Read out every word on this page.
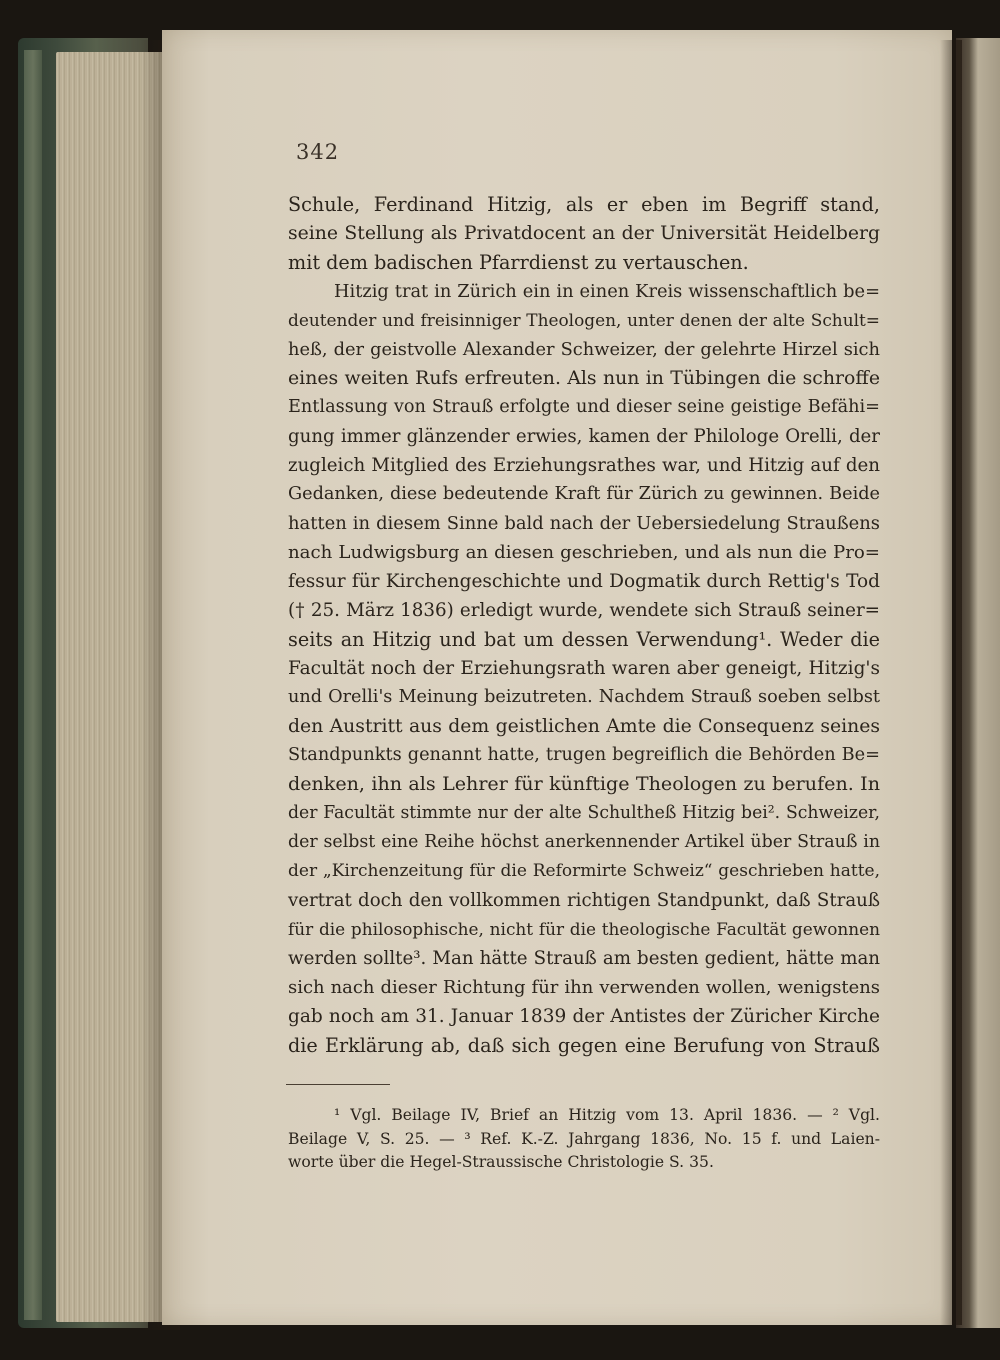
342
Schule, Ferdinand Hitzig, als er eben im Begriff stand,
seine Stellung als Privatdocent an der Universität Heidelberg
mit dem badischen Pfarrdienst zu vertauschen.
Hitzig trat in Zürich ein in einen Kreis wissenschaftlich be=
deutender und freisinniger Theologen, unter denen der alte Schult=
heß, der geistvolle Alexander Schweizer, der gelehrte Hirzel sich
eines weiten Rufs erfreuten. Als nun in Tübingen die schroffe
Entlassung von Strauß erfolgte und dieser seine geistige Befähi=
gung immer glänzender erwies, kamen der Philologe Orelli, der
zugleich Mitglied des Erziehungsrathes war, und Hitzig auf den
Gedanken, diese bedeutende Kraft für Zürich zu gewinnen. Beide
hatten in diesem Sinne bald nach der Uebersiedelung Straußens
nach Ludwigsburg an diesen geschrieben, und als nun die Pro=
fessur für Kirchengeschichte und Dogmatik durch Rettig's Tod
(† 25. März 1836) erledigt wurde, wendete sich Strauß seiner=
seits an Hitzig und bat um dessen Verwendung¹. Weder die
Facultät noch der Erziehungsrath waren aber geneigt, Hitzig's
und Orelli's Meinung beizutreten. Nachdem Strauß soeben selbst
den Austritt aus dem geistlichen Amte die Consequenz seines
Standpunkts genannt hatte, trugen begreiflich die Behörden Be=
denken, ihn als Lehrer für künftige Theologen zu berufen. In
der Facultät stimmte nur der alte Schultheß Hitzig bei². Schweizer,
der selbst eine Reihe höchst anerkennender Artikel über Strauß in
der „Kirchenzeitung für die Reformirte Schweiz“ geschrieben hatte,
vertrat doch den vollkommen richtigen Standpunkt, daß Strauß
für die philosophische, nicht für die theologische Facultät gewonnen
werden sollte³. Man hätte Strauß am besten gedient, hätte man
sich nach dieser Richtung für ihn verwenden wollen, wenigstens
gab noch am 31. Januar 1839 der Antistes der Züricher Kirche
die Erklärung ab, daß sich gegen eine Berufung von Strauß
¹ Vgl. Beilage IV, Brief an Hitzig vom 13. April 1836. — ² Vgl.
Beilage V, S. 25. — ³ Ref. K.-Z. Jahrgang 1836, No. 15 f. und Laien-
worte über die Hegel-Straussische Christologie S. 35.
